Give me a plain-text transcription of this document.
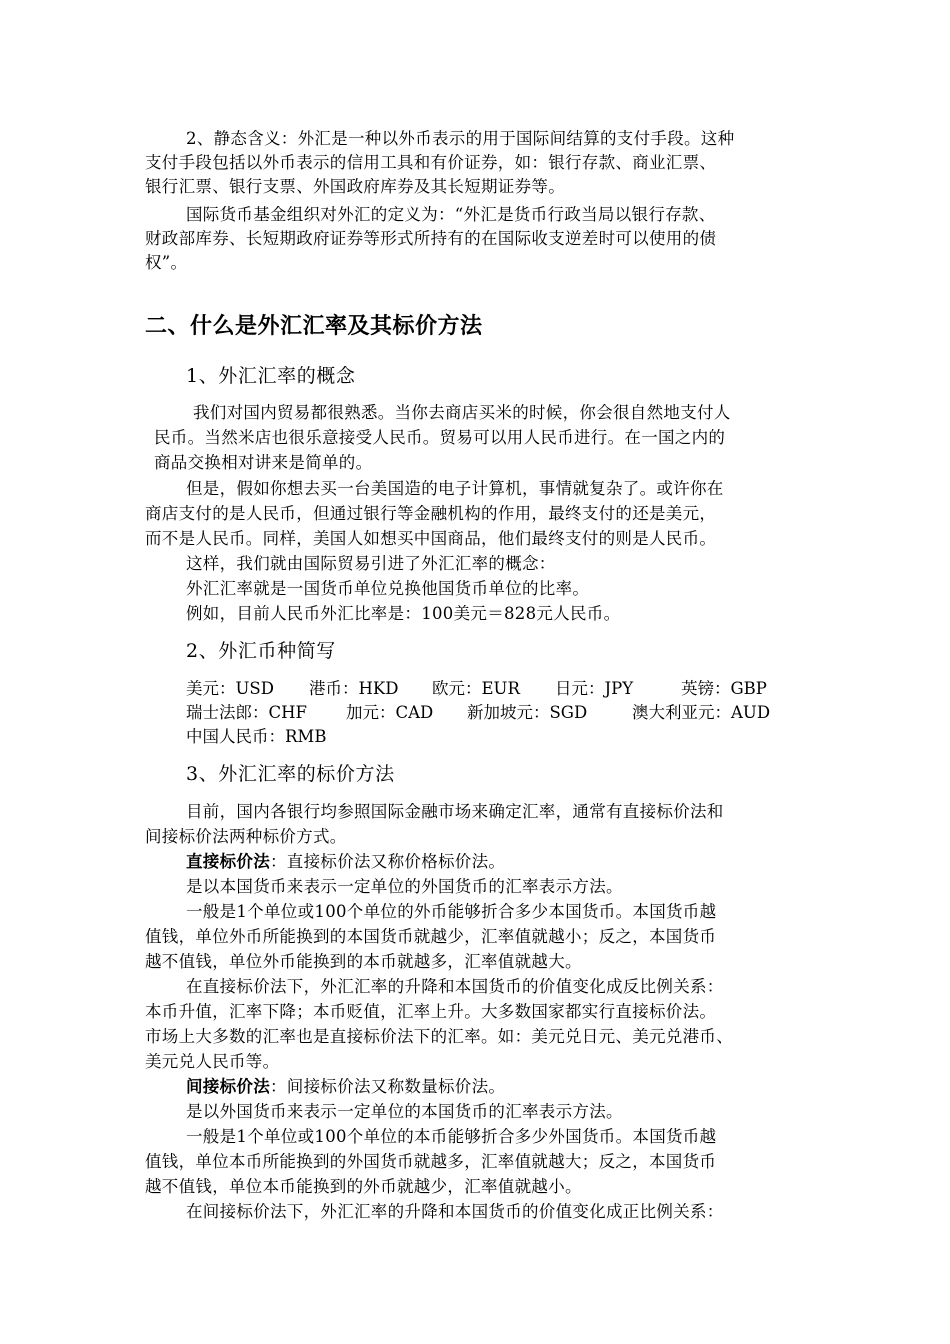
2、静态含义：外汇是一种以外币表示的用于国际间结算的支付手段。这种
支付手段包括以外币表示的信用工具和有价证券，如：银行存款、商业汇票、
银行汇票、银行支票、外国政府库券及其长短期证券等。
国际货币基金组织对外汇的定义为：“外汇是货币行政当局以银行存款、
财政部库券、长短期政府证券等形式所持有的在国际收支逆差时可以使用的债
权”。
二、什么是外汇汇率及其标价方法
1、外汇汇率的概念
我们对国内贸易都很熟悉。当你去商店买米的时候，你会很自然地支付人
民币。当然米店也很乐意接受人民币。贸易可以用人民币进行。在一国之内的
商品交换相对讲来是简单的。
但是，假如你想去买一台美国造的电子计算机，事情就复杂了。或许你在
商店支付的是人民币，但通过银行等金融机构的作用，最终支付的还是美元，
而不是人民币。同样，美国人如想买中国商品，他们最终支付的则是人民币。
这样，我们就由国际贸易引进了外汇汇率的概念：
外汇汇率就是一国货币单位兑换他国货币单位的比率。
例如，目前人民币外汇比率是：100美元＝828元人民币。
2、外汇币种简写
美元：USD 港币：HKD 欧元：EUR 日元：JPY	英镑：GBP
瑞士法郎：CHF 加元：CAD 新加坡元：SGD	澳大利亚元：AUD
中国人民币：RMB
3、外汇汇率的标价方法
目前，国内各银行均参照国际金融市场来确定汇率，通常有直接标价法和
间接标价法两种标价方式。
直接标价法：直接标价法又称价格标价法。
是以本国货币来表示一定单位的外国货币的汇率表示方法。
一般是1个单位或100个单位的外币能够折合多少本国货币。本国货币越
值钱，单位外币所能换到的本国货币就越少，汇率值就越小；反之，本国货币
越不值钱，单位外币能换到的本币就越多，汇率值就越大。
在直接标价法下，外汇汇率的升降和本国货币的价值变化成反比例关系：
本币升值，汇率下降；本币贬值，汇率上升。大多数国家都实行直接标价法。
市场上大多数的汇率也是直接标价法下的汇率。如：美元兑日元、美元兑港币、
美元兑人民币等。
间接标价法：间接标价法又称数量标价法。
是以外国货币来表示一定单位的本国货币的汇率表示方法。
一般是1个单位或100个单位的本币能够折合多少外国货币。本国货币越
值钱，单位本币所能换到的外国货币就越多，汇率值就越大；反之，本国货币
越不值钱，单位本币能换到的外币就越少，汇率值就越小。
在间接标价法下，外汇汇率的升降和本国货币的价值变化成正比例关系：
